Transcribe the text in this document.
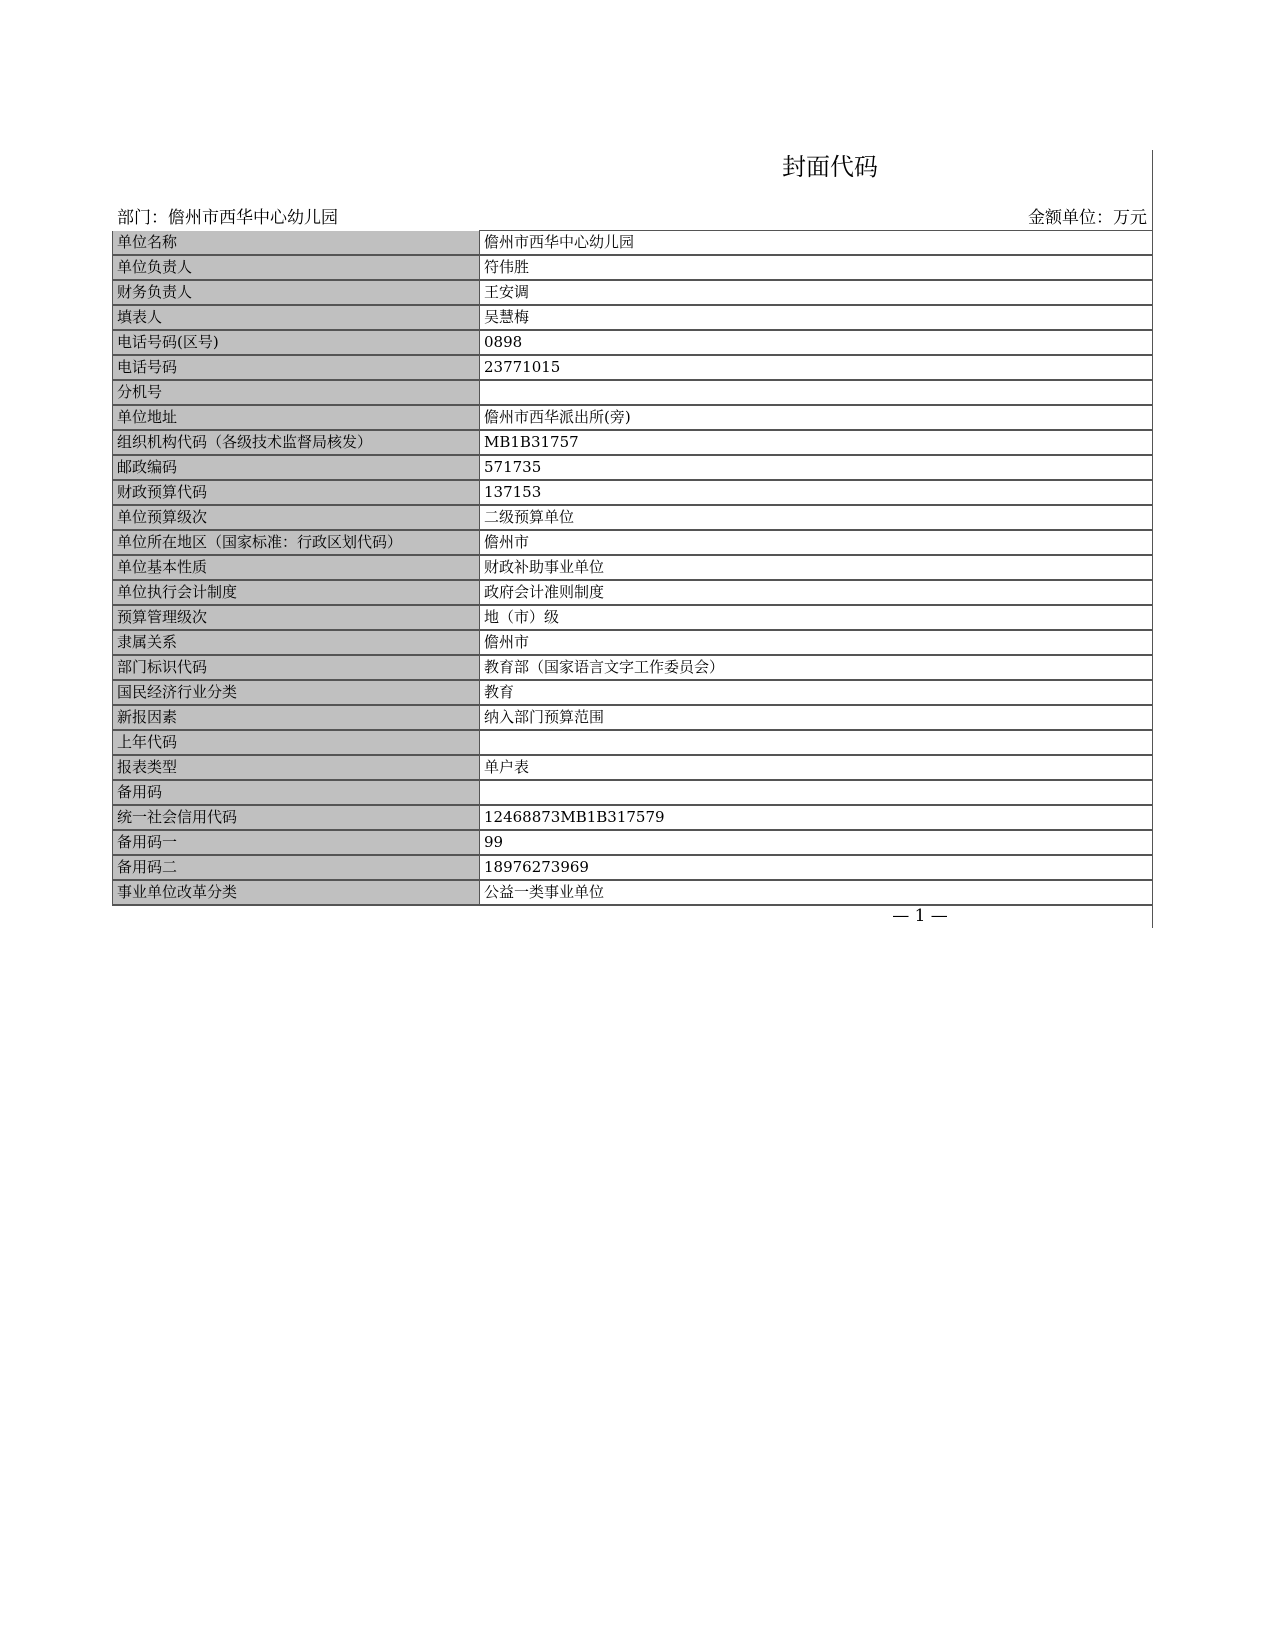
封面代码
部门：儋州市西华中心幼儿园	金额单位：万元
单位名称	儋州市西华中心幼儿园
单位负责人	符伟胜
财务负责人	王安调
填表人	吴慧梅
电话号码(区号)	0898
电话号码	23771015
分机号	
单位地址	儋州市西华派出所(旁)
组织机构代码（各级技术监督局核发）	MB1B31757
邮政编码	571735
财政预算代码	137153
单位预算级次	二级预算单位
单位所在地区（国家标准：行政区划代码）	儋州市
单位基本性质	财政补助事业单位
单位执行会计制度	政府会计准则制度
预算管理级次	地（市）级
隶属关系	儋州市
部门标识代码	教育部（国家语言文字工作委员会）
国民经济行业分类	教育
新报因素	纳入部门预算范围
上年代码	
报表类型	单户表
备用码	
统一社会信用代码	12468873MB1B317579
备用码一	99
备用码二	18976273969
事业单位改革分类	公益一类事业单位
— 1 —
